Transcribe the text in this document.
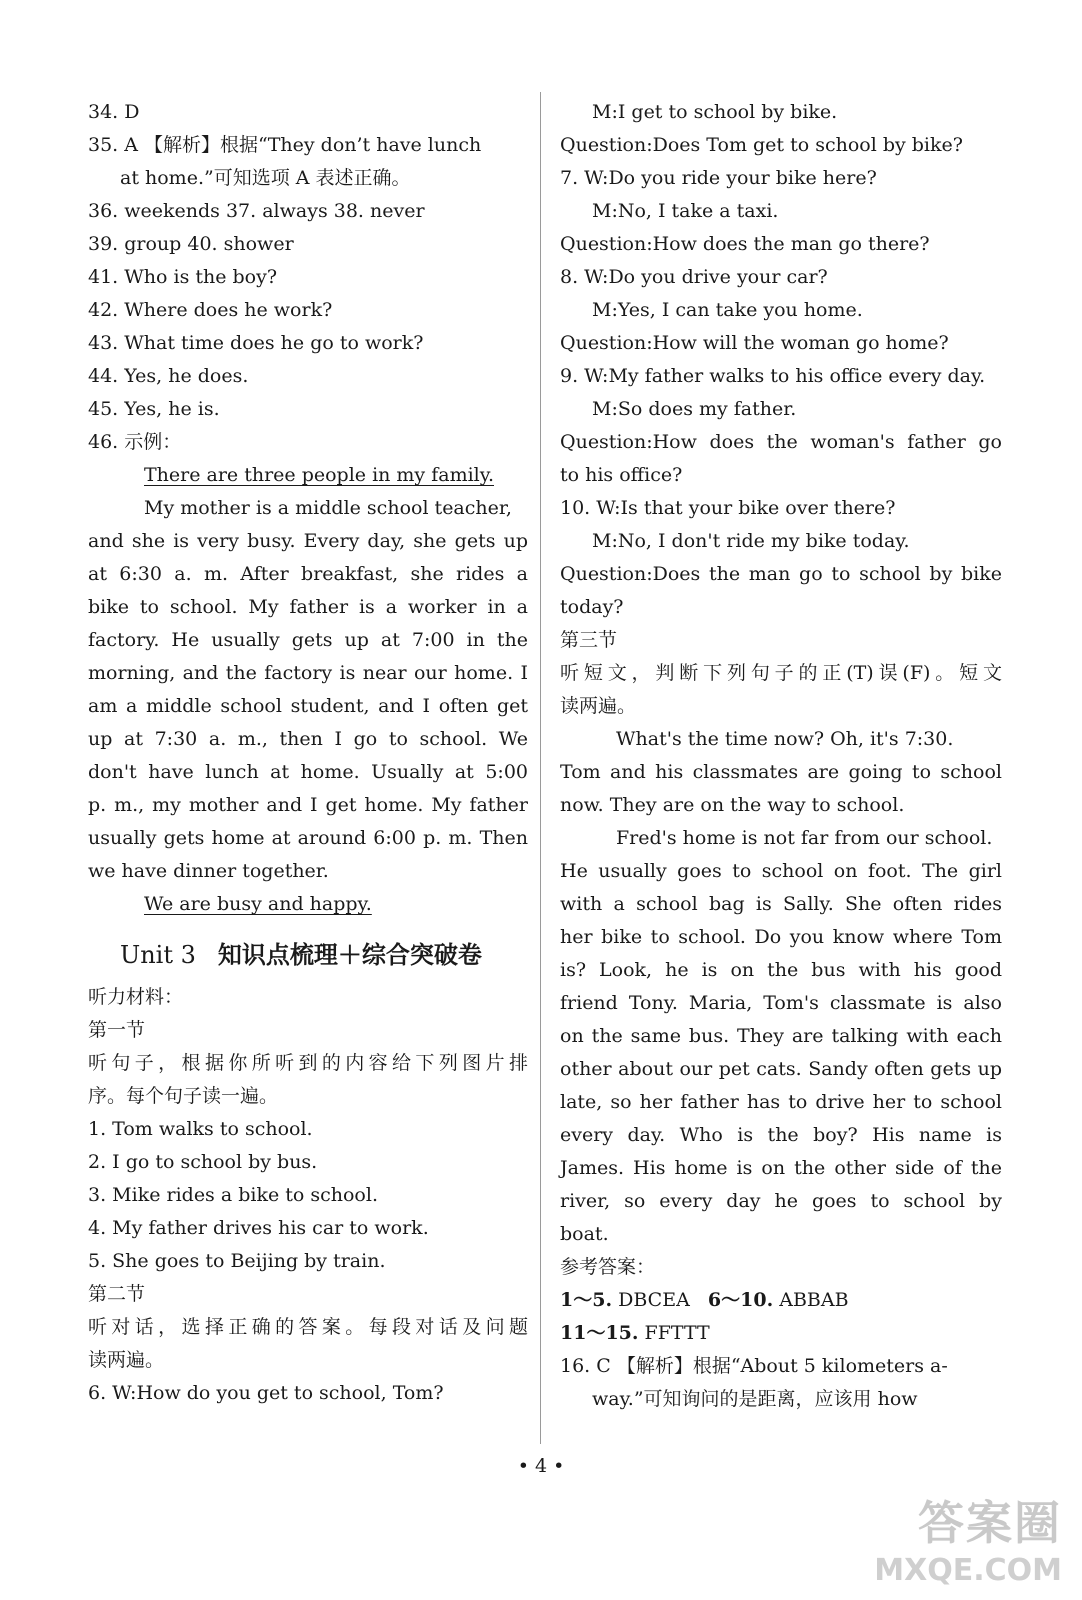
34. D
35. A 【解析】根据“They don’t have lunch
at home.”可知选项 A 表述正确。
36. weekends 37. always 38. never
39. group 40. shower
41. Who is the boy?
42. Where does he work?
43. What time does he go to work?
44. Yes, he does.
45. Yes, he is.
46. 示例：
There are three people in my family.
My mother is a middle school teacher,
and she is very busy. Every day, she gets up
at 6:30 a. m. After breakfast, she rides a
bike to school. My father is a worker in a
factory. He usually gets up at 7:00 in the
morning, and the factory is near our home. I
am a middle school student, and I often get
up at 7:30 a. m., then I go to school. We
don't have lunch at home. Usually at 5:00
p. m., my mother and I get home. My father
usually gets home at around 6:00 p. m. Then
we have dinner together.
We are busy and happy.
Unit 3 知识点梳理＋综合突破卷
听力材料：
第一节
听句子，根据你所听到的内容给下列图片排
序。每个句子读一遍。
1. Tom walks to school.
2. I go to school by bus.
3. Mike rides a bike to school.
4. My father drives his car to work.
5. She goes to Beijing by train.
第二节
听对话，选择正确的答案。每段对话及问题
读两遍。
6. W:How do you get to school, Tom?
M:I get to school by bike.
Question:Does Tom get to school by bike?
7. W:Do you ride your bike here?
M:No, I take a taxi.
Question:How does the man go there?
8. W:Do you drive your car?
M:Yes, I can take you home.
Question:How will the woman go home?
9. W:My father walks to his office every day.
M:So does my father.
Question:How does the woman's father go
to his office?
10. W:Is that your bike over there?
M:No, I don't ride my bike today.
Question:Does the man go to school by bike
today?
第三节
听短文，判断下列句子的正(T)误(F)。短文
读两遍。
What's the time now? Oh, it's 7:30.
Tom and his classmates are going to school
now. They are on the way to school.
Fred's home is not far from our school.
He usually goes to school on foot. The girl
with a school bag is Sally. She often rides
her bike to school. Do you know where Tom
is? Look, he is on the bus with his good
friend Tony. Maria, Tom's classmate is also
on the same bus. They are talking with each
other about our pet cats. Sandy often gets up
late, so her father has to drive her to school
every day. Who is the boy? His name is
James. His home is on the other side of the
river, so every day he goes to school by
boat.
参考答案：
1～5. DBCEA 6～10. ABBAB
11～15. FFTTT
16. C 【解析】根据“About 5 kilometers a-
way.”可知询问的是距离，应该用 how
• 4 •
答案圈
MXQE.COM
